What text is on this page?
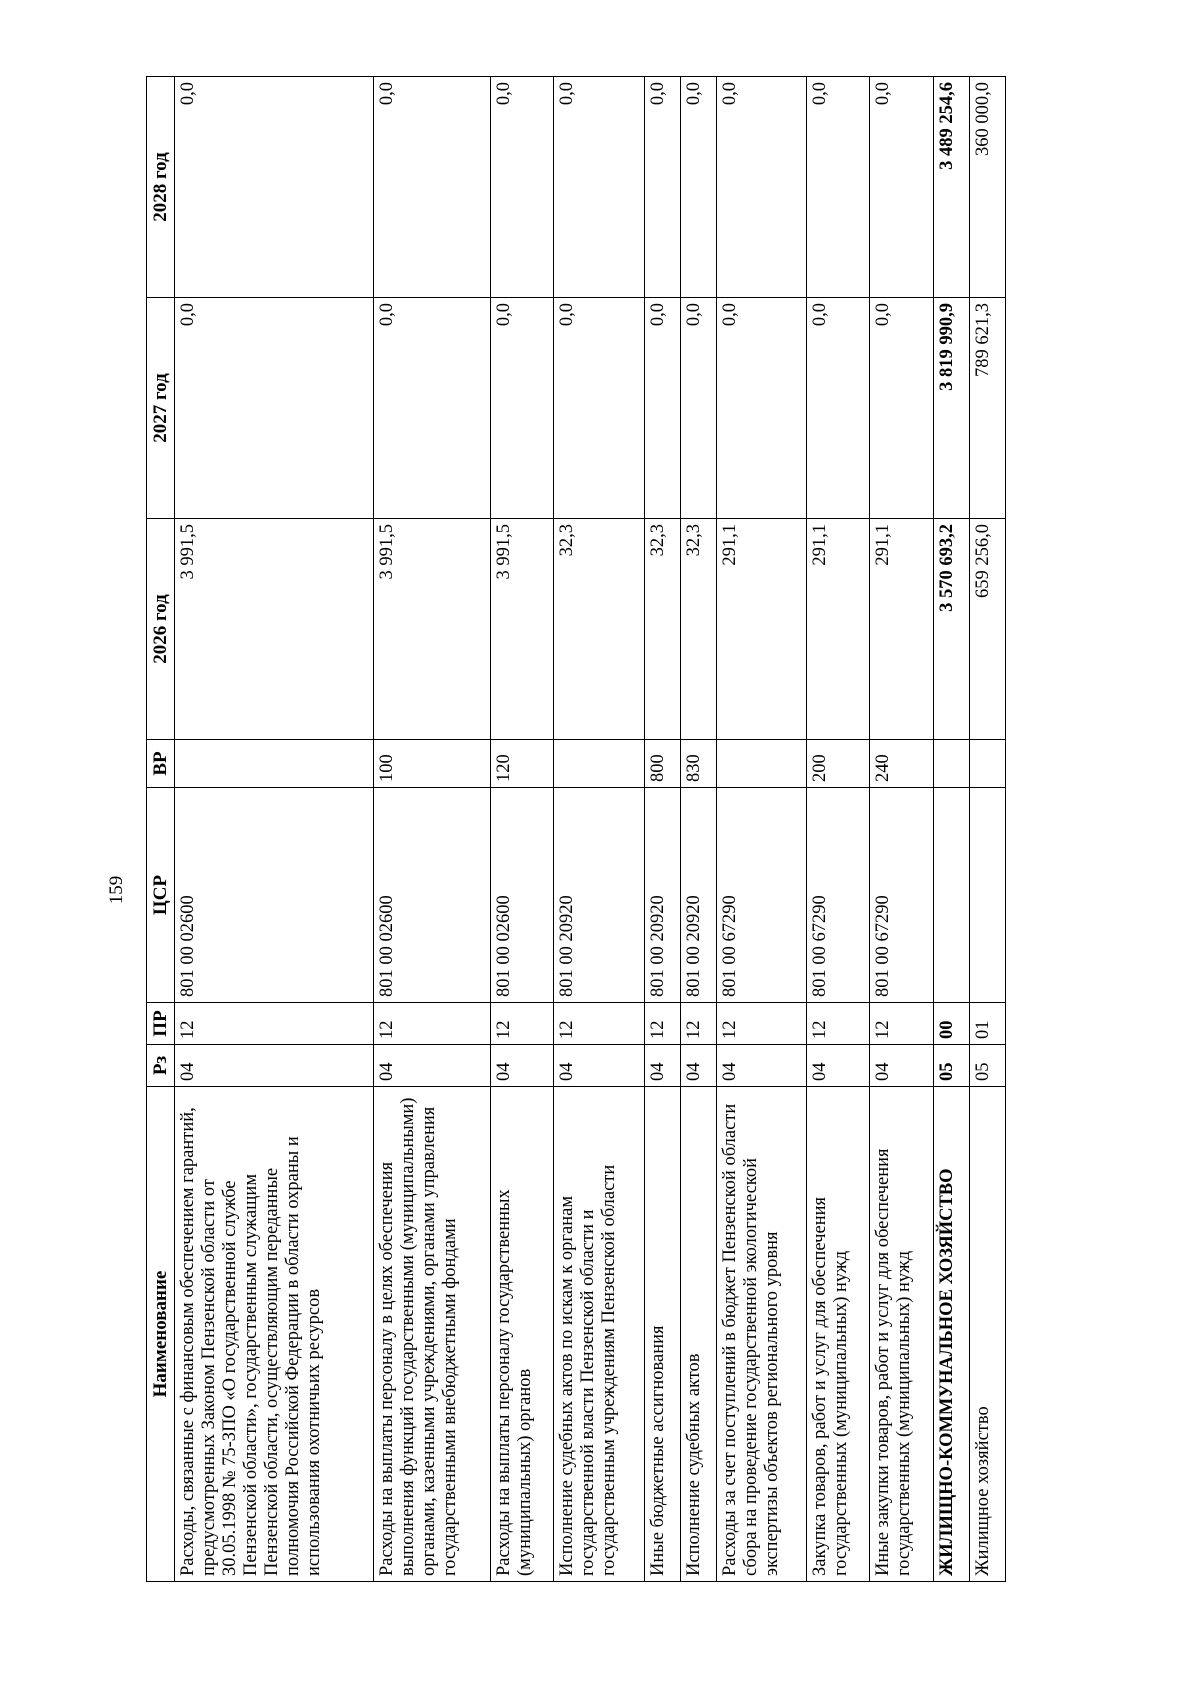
159
Наименование	Рз	ПР	ЦСР	ВР	2026 год	2027 год	2028 год
Расходы, связанные с финансовым обеспечением гарантий, предусмотренных Законом Пензенской области от 30.05.1998 № 75-ЗПО «О государственной службе Пензенской области», государственным служащим Пензенской области, осуществляющим переданные полномочия Российской Федерации в области охраны и использования охотничьих ресурсов	04	12	801 00 02600		3 991,5	0,0	0,0
Расходы на выплаты персоналу в целях обеспечения выполнения функций государственными (муниципальными) органами, казенными учреждениями, органами управления государственными внебюджетными фондами	04	12	801 00 02600	100	3 991,5	0,0	0,0
Расходы на выплаты персоналу государственных (муниципальных) органов	04	12	801 00 02600	120	3 991,5	0,0	0,0
Исполнение судебных актов по искам к органам государственной власти Пензенской области и государственным учреждениям Пензенской области	04	12	801 00 20920		32,3	0,0	0,0
Иные бюджетные ассигнования	04	12	801 00 20920	800	32,3	0,0	0,0
Исполнение судебных актов	04	12	801 00 20920	830	32,3	0,0	0,0
Расходы за счет поступлений в бюджет Пензенской области сбора на проведение государственной экологической экспертизы объектов регионального уровня	04	12	801 00 67290		291,1	0,0	0,0
Закупка товаров, работ и услуг для обеспечения государственных (муниципальных) нужд	04	12	801 00 67290	200	291,1	0,0	0,0
Иные закупки товаров, работ и услуг для обеспечения государственных (муниципальных) нужд	04	12	801 00 67290	240	291,1	0,0	0,0
ЖИЛИЩНО-КОММУНАЛЬНОЕ ХОЗЯЙСТВО	05	00			3 570 693,2	3 819 990,9	3 489 254,6
Жилищное хозяйство	05	01			659 256,0	789 621,3	360 000,0
